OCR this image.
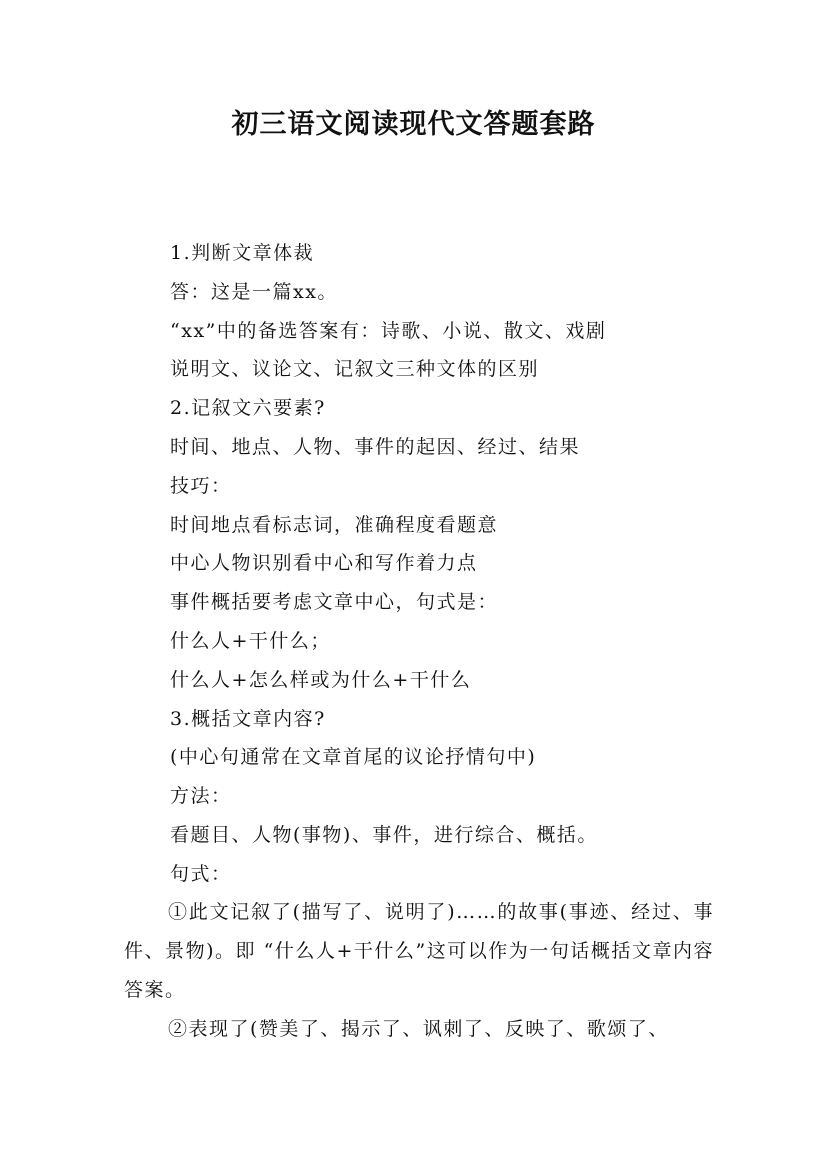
初三语文阅读现代文答题套路

1.判断文章体裁

答：这是一篇xx。

“xx”中的备选答案有：诗歌、小说、散文、戏剧

说明文、议论文、记叙文三种文体的区别

2.记叙文六要素?

时间、地点、人物、事件的起因、经过、结果

技巧：

时间地点看标志词，准确程度看题意

中心人物识别看中心和写作着力点

事件概括要考虑文章中心，句式是：

什么人+干什么；

什么人+怎么样或为什么+干什么

3.概括文章内容?

(中心句通常在文章首尾的议论抒情句中)

方法：

看题目、人物(事物)、事件，进行综合、概括。

句式：

①此文记叙了(描写了、说明了)……的故事(事迹、经过、事件、景物)。即 “什么人+干什么”这可以作为一句话概括文章内容答案。

②表现了(赞美了、揭示了、讽刺了、反映了、歌颂了、
